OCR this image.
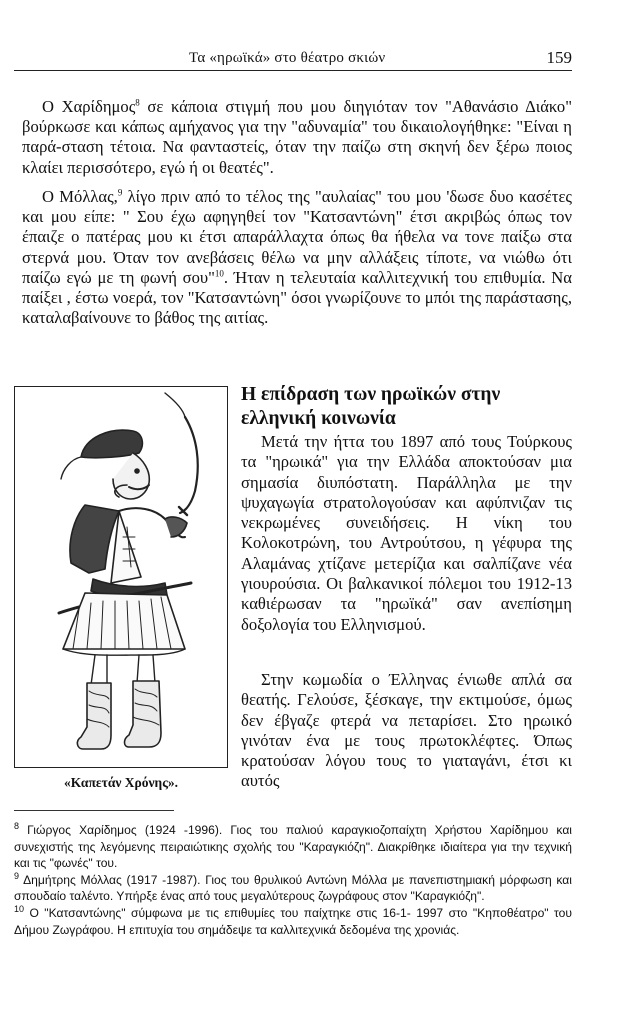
Τα «ηρωϊκά» στο θέατρο σκιών	159

Ο Χαρίδημος$^8$ σε κάποια στιγμή που μου διηγιόταν τον "Αθανάσιο Διάκο" βούρκωσε και κάπως αμήχανος για την "αδυναμία" του δικαιολογήθηκε: "Είναι η παρά-σταση τέτοια. Να φανταστείς, όταν την παίζω στη σκηνή δεν ξέρω ποιος κλαίει περισσότερο, εγώ ή οι θεατές".

Ο Μόλλας,$^9$ λίγο πριν από το τέλος της "αυλαίας" του μου 'δωσε δυο κασέτες και μου είπε: " Σου έχω αφηγηθεί τον "Κατσαντώνη" έτσι ακριβώς όπως τον έπαιζε ο πατέρας μου κι έτσι απαράλλαχτα όπως θα ήθελα να τονε παίξω στα στερνά μου. Όταν τον ανεβάσεις θέλω να μην αλλάξεις τίποτε, να νιώθω ότι παίζω εγώ με τη φωνή σου"$^{10}$. Ήταν η τελευταία καλλιτεχνική του επιθυμία. Να παίξει , έστω νοερά, τον "Κατσαντώνη" όσοι γνωρίζουνε το μπόι της παράστασης, καταλαβαίνουνε το βάθος της αιτίας.

«Καπετάν Χρόνης».
Η επίδραση των ηρωϊκών στην ελληνική κοινωνία

Μετά την ήττα του 1897 από τους Τούρκους τα "ηρωικά" για την Ελλάδα αποκτούσαν μια σημασία διυπόστατη. Παράλληλα με την ψυχαγωγία στρατολογούσαν και αφύπνιζαν τις νεκρωμένες συνειδήσεις. Η νίκη του Κολοκοτρώνη, του Αντρούτσου, η γέφυρα της Αλαμάνας χτίζανε μετερίζια και σαλπίζανε νέα γιουρούσια. Οι βαλκανικοί πόλεμοι του 1912-13 καθιέρωσαν τα "ηρωϊκά" σαν ανεπίσημη δοξολογία του Ελληνισμού.

Στην κωμωδία ο Έλληνας ένιωθε απλά σα θεατής. Γελούσε, ξέσκαγε, την εκτιμούσε, όμως δεν έβγαζε φτερά να πεταρίσει. Στο ηρωικό γινόταν ένα με τους πρωτοκλέφτες. Όπως κρατούσαν λόγου τους το γιαταγάνι, έτσι κι αυτός

$^8$ Γιώργος Χαρίδημος (1924 -1996). Γιος του παλιού καραγκιοζοπαίχτη Χρήστου Χαρίδημου και συνεχιστής της λεγόμενης πειραιώτικης σχολής του "Καραγκιόζη". Διακρίθηκε ιδιαίτερα για την τεχνική και τις "φωνές" του.

$^9$ Δημήτρης Μόλλας (1917 -1987). Γιος του θρυλικού Αντώνη Μόλλα με πανεπιστημιακή μόρφωση και σπουδαίο ταλέντο. Υπήρξε ένας από τους μεγαλύτερους ζωγράφους στον "Καραγκιόζη".

$^{10}$ Ο "Κατσαντώνης" σύμφωνα με τις επιθυμίες του παίχτηκε στις 16-1- 1997 στο "Κηποθέατρο" του Δήμου Ζωγράφου. Η επιτυχία του σημάδεψε τα καλλιτεχνικά δεδομένα της χρονιάς.
